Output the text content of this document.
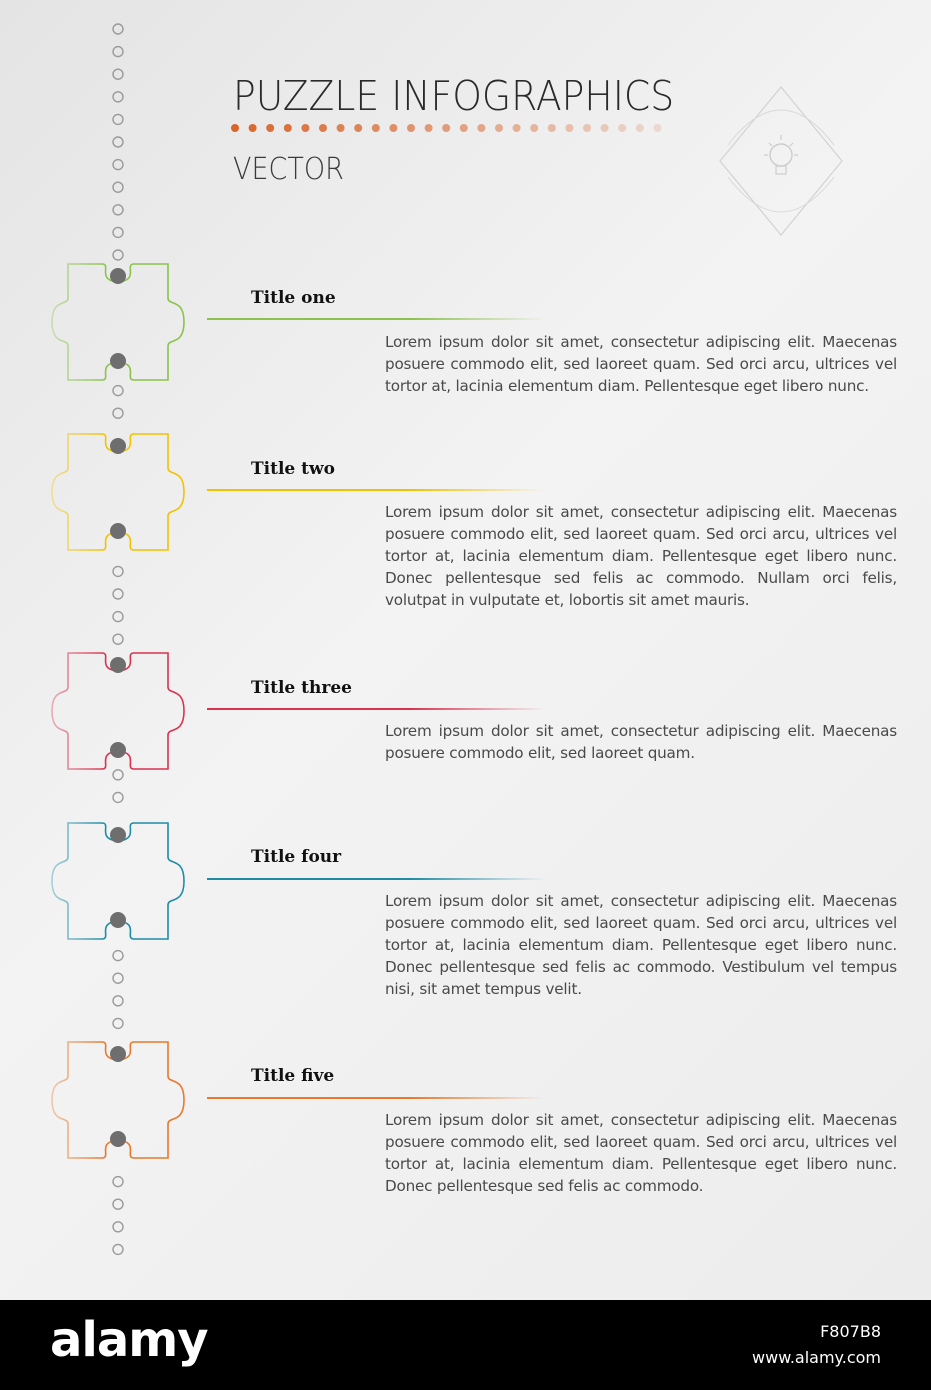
PUZZLE INFOGRAPHICS
VECTOR
Title one

Lorem ipsum dolor sit amet, consectetur adipiscing elit. Maecenas posuere commodo elit, sed laoreet quam. Sed orci arcu, ultrices vel tortor at, lacinia elementum diam. Pellentesque eget libero nunc.

Title two

Lorem ipsum dolor sit amet, consectetur adipiscing elit. Maecenas posuere commodo elit, sed laoreet quam. Sed orci arcu, ultrices vel tortor at, lacinia elementum diam. Pellentesque eget libero nunc. Donec pellentesque sed felis ac commodo. Nullam orci felis, volutpat in vulputate et, lobortis sit amet mauris.

Title three

Lorem ipsum dolor sit amet, consectetur adipiscing elit. Maecenas posuere commodo elit, sed laoreet quam.

Title four

Lorem ipsum dolor sit amet, consectetur adipiscing elit. Maecenas posuere commodo elit, sed laoreet quam. Sed orci arcu, ultrices vel tortor at, lacinia elementum diam. Pellentesque eget libero nunc. Donec pellentesque sed felis ac commodo. Vestibulum vel tempus nisi, sit amet tempus velit.

Title five

Lorem ipsum dolor sit amet, consectetur adipiscing elit. Maecenas posuere commodo elit, sed laoreet quam. Sed orci arcu, ultrices vel tortor at, lacinia elementum diam. Pellentesque eget libero nunc. Donec pellentesque sed felis ac commodo.

alamy	F807B8

www.alamy.com
